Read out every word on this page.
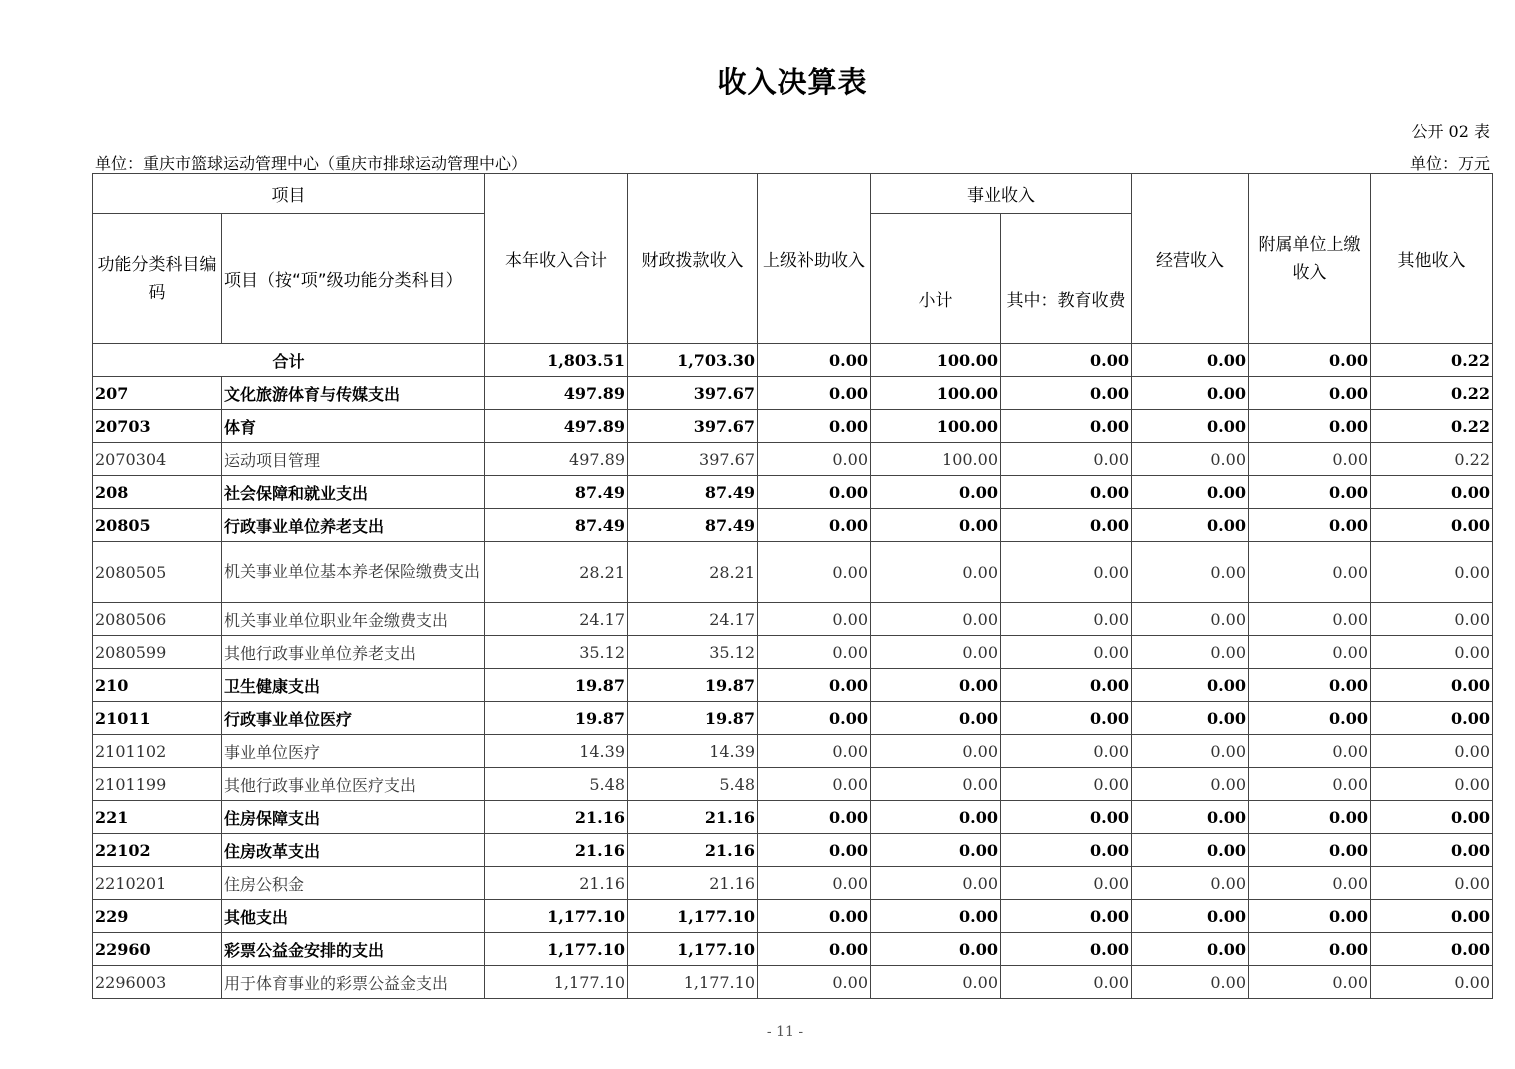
收入决算表
公开 02 表
单位：重庆市篮球运动管理中心（重庆市排球运动管理中心）	单位：万元
项目		本年收入合计	财政拨款收入	上级补助收入	事业收入		经营收入	附属单位上缴收入	其他收入
功能分类科目编码	项目（按“项”级功能分类科目）				小计	其中：教育收费			
合计		1,803.51	1,703.30	0.00	100.00	0.00	0.00	0.00	0.22
207	文化旅游体育与传媒支出	497.89	397.67	0.00	100.00	0.00	0.00	0.00	0.22
20703	体育	497.89	397.67	0.00	100.00	0.00	0.00	0.00	0.22
2070304	运动项目管理	497.89	397.67	0.00	100.00	0.00	0.00	0.00	0.22
208	社会保障和就业支出	87.49	87.49	0.00	0.00	0.00	0.00	0.00	0.00
20805	行政事业单位养老支出	87.49	87.49	0.00	0.00	0.00	0.00	0.00	0.00
2080505	机关事业单位基本养老保险缴费支出	28.21	28.21	0.00	0.00	0.00	0.00	0.00	0.00
2080506	机关事业单位职业年金缴费支出	24.17	24.17	0.00	0.00	0.00	0.00	0.00	0.00
2080599	其他行政事业单位养老支出	35.12	35.12	0.00	0.00	0.00	0.00	0.00	0.00
210	卫生健康支出	19.87	19.87	0.00	0.00	0.00	0.00	0.00	0.00
21011	行政事业单位医疗	19.87	19.87	0.00	0.00	0.00	0.00	0.00	0.00
2101102	事业单位医疗	14.39	14.39	0.00	0.00	0.00	0.00	0.00	0.00
2101199	其他行政事业单位医疗支出	5.48	5.48	0.00	0.00	0.00	0.00	0.00	0.00
221	住房保障支出	21.16	21.16	0.00	0.00	0.00	0.00	0.00	0.00
22102	住房改革支出	21.16	21.16	0.00	0.00	0.00	0.00	0.00	0.00
2210201	住房公积金	21.16	21.16	0.00	0.00	0.00	0.00	0.00	0.00
229	其他支出	1,177.10	1,177.10	0.00	0.00	0.00	0.00	0.00	0.00
22960	彩票公益金安排的支出	1,177.10	1,177.10	0.00	0.00	0.00	0.00	0.00	0.00
2296003	用于体育事业的彩票公益金支出	1,177.10	1,177.10	0.00	0.00	0.00	0.00	0.00	0.00
- 11 -
